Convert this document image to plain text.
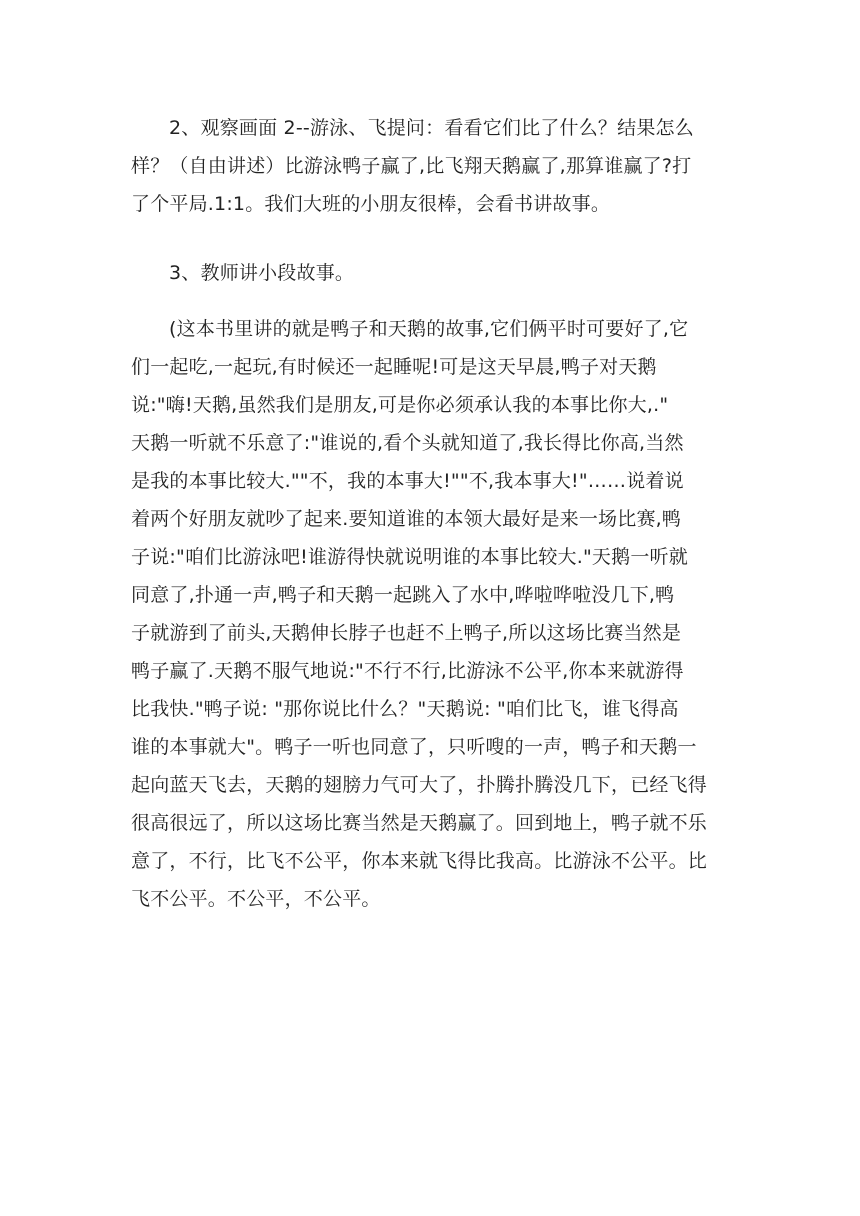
2、观察画面 2--游泳、飞提问：看看它们比了什么？结果怎么
样？（自由讲述）比游泳鸭子赢了,比飞翔天鹅赢了,那算谁赢了?打
了个平局.1:1。我们大班的小朋友很棒，会看书讲故事。
3、教师讲小段故事。
(这本书里讲的就是鸭子和天鹅的故事,它们俩平时可要好了,它
们一起吃,一起玩,有时候还一起睡呢!可是这天早晨,鸭子对天鹅
说:"嗨!天鹅,虽然我们是朋友,可是你必须承认我的本事比你大,."
天鹅一听就不乐意了:"谁说的,看个头就知道了,我长得比你高,当然
是我的本事比较大.""不，我的本事大!""不,我本事大!"……说着说
着两个好朋友就吵了起来.要知道谁的本领大最好是来一场比赛,鸭
子说:"咱们比游泳吧!谁游得快就说明谁的本事比较大."天鹅一听就
同意了,扑通一声,鸭子和天鹅一起跳入了水中,哗啦哗啦没几下,鸭
子就游到了前头,天鹅伸长脖子也赶不上鸭子,所以这场比赛当然是
鸭子赢了.天鹅不服气地说:"不行不行,比游泳不公平,你本来就游得
比我快."鸭子说: "那你说比什么？"天鹅说: "咱们比飞，谁飞得高
谁的本事就大"。鸭子一听也同意了，只听嗖的一声，鸭子和天鹅一
起向蓝天飞去，天鹅的翅膀力气可大了，扑腾扑腾没几下，已经飞得
很高很远了，所以这场比赛当然是天鹅赢了。回到地上，鸭子就不乐
意了，不行，比飞不公平，你本来就飞得比我高。比游泳不公平。比
飞不公平。不公平，不公平。
